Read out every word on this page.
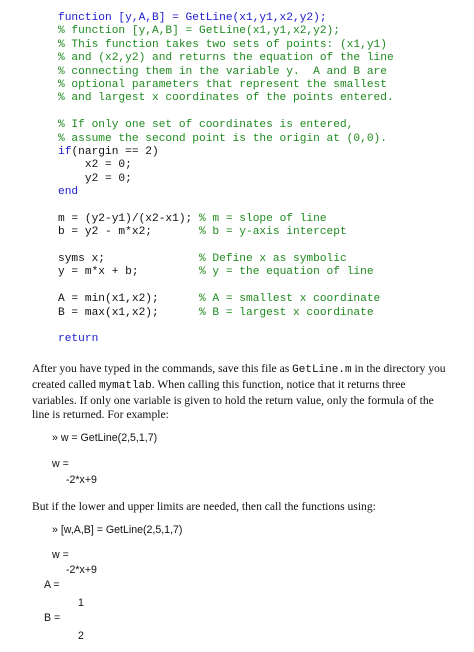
function [y,A,B] = GetLine(x1,y1,x2,y2);
% function [y,A,B] = GetLine(x1,y1,x2,y2);
% This function takes two sets of points: (x1,y1)
% and (x2,y2) and returns the equation of the line
% connecting them in the variable y.  A and B are
% optional parameters that represent the smallest
% and largest x coordinates of the points entered.
% If only one set of coordinates is entered,
% assume the second point is the origin at (0,0).
if(nargin == 2)
x2 = 0;
y2 = 0;
end
m = (y2-y1)/(x2-x1); % m = slope of line
b = y2 - m*x2;       % b = y-axis intercept
syms x;              % Define x as symbolic
y = m*x + b;         % y = the equation of line
A = min(x1,x2);      % A = smallest x coordinate
B = max(x1,x2);      % B = largest x coordinate
return
After you have typed in the commands, save this file as GetLine.m in the directory you created called mymatlab. When calling this function, notice that it returns three variables. If only one variable is given to hold the return value, only the formula of the line is returned. For example:
» w = GetLine(2,5,1,7)
w =
-2*x+9
But if the lower and upper limits are needed, then call the functions using:
» [w,A,B] = GetLine(2,5,1,7)
w =
-2*x+9
A =
1
B =
2
